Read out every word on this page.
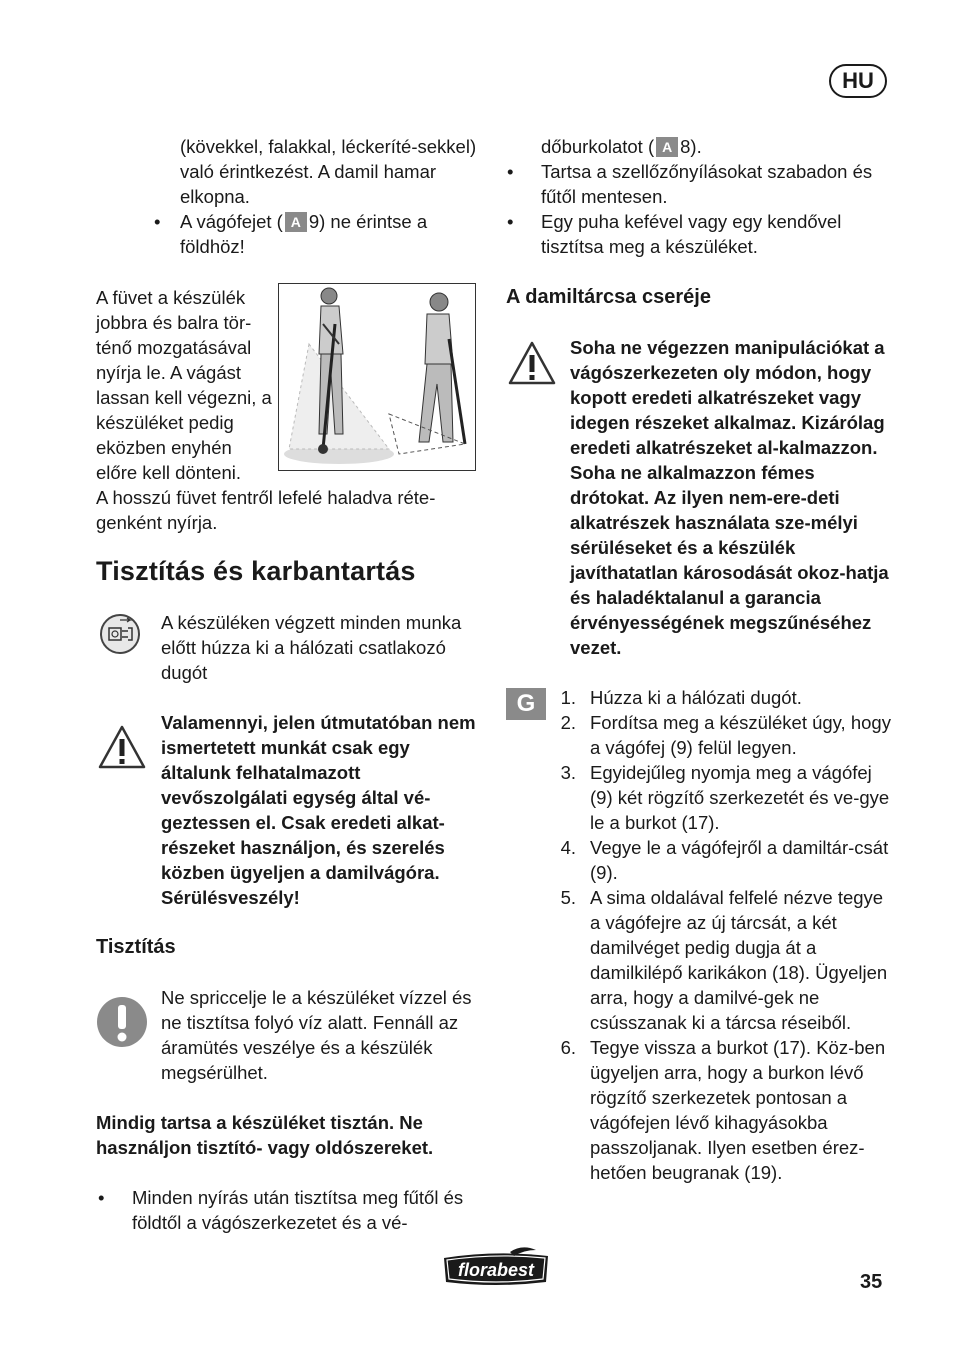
HU

(kövekkel, falakkal, léckeríté-sekkel) való érintkezést. A damil hamar elkopna.

• A vágófejet ( A 9) ne érintse a földhöz!

A füvet a készülék jobbra és balra tör-ténő mozgatásával nyírja le. A vágást lassan kell végezni, a készüléket pedig eközben enyhén előre kell dönteni.

A hosszú füvet fentről lefelé haladva réte-genként nyírja.

Tisztítás és karbantartás

A készüléken végzett minden munka előtt húzza ki a hálózati csatlakozó dugót

Valamennyi, jelen útmutatóban nem ismertetett munkát csak egy általunk felhatalmazott vevőszolgálati egység által vé-geztessen el. Csak eredeti alkat-részeket használjon, és szerelés közben ügyeljen a damilvágóra. Sérülésveszély!

Tisztítás

Ne spriccelje le a készüléket vízzel és ne tisztítsa folyó víz alatt. Fennáll az áramütés veszélye és a készülék megsérülhet.

Mindig tartsa a készüléket tisztán. Ne használjon tisztító- vagy oldószereket.

• Minden nyírás után tisztítsa meg fűtől és földtől a vágószerkezetet és a vé-
dőburkolatot ( A 8).
• Tartsa a szellőzőnyílásokat szabadon és fűtől mentesen.
• Egy puha kefével vagy egy kendővel tisztítsa meg a készüléket.
A damiltárcsa cseréje

Soha ne végezzen manipulációkat a vágószerkezeten oly módon, hogy kopott eredeti alkatrészeket vagy idegen részeket alkalmaz. Kizárólag eredeti alkatrészeket al-kalmazzon. Soha ne alkalmazzon fémes drótokat. Az ilyen nem-ere-deti alkatrészek használata sze-mélyi sérüléseket és a készülék javíthatatlan károsodását okoz-hatja és haladéktalanul a garancia érvényességének megszűnéséhez vezet.

G	1. Húzza ki a hálózati dugót.
2. Fordítsa meg a készüléket úgy, hogy a vágófej (9) felül legyen.
3. Egyidejűleg nyomja meg a vágófej (9) két rögzítő szerkezetét és ve-gye le a burkot (17).
4. Vegye le a vágófejről a damiltár-csát (9).
5. A sima oldalával felfelé nézve tegye a vágófejre az új tárcsát, a két damilvéget pedig dugja át a damilkilépő karikákon (18). Ügyeljen arra, hogy a damilvé-gek ne csússzanak ki a tárcsa réseiből.
6. Tegye vissza a burkot (17). Köz-ben ügyeljen arra, hogy a burkon lévő rögzítő szerkezetek pontosan a vágófejen lévő kihagyásokba passzoljanak. Ilyen esetben érez-hetően beugranak (19).
florabest
35
